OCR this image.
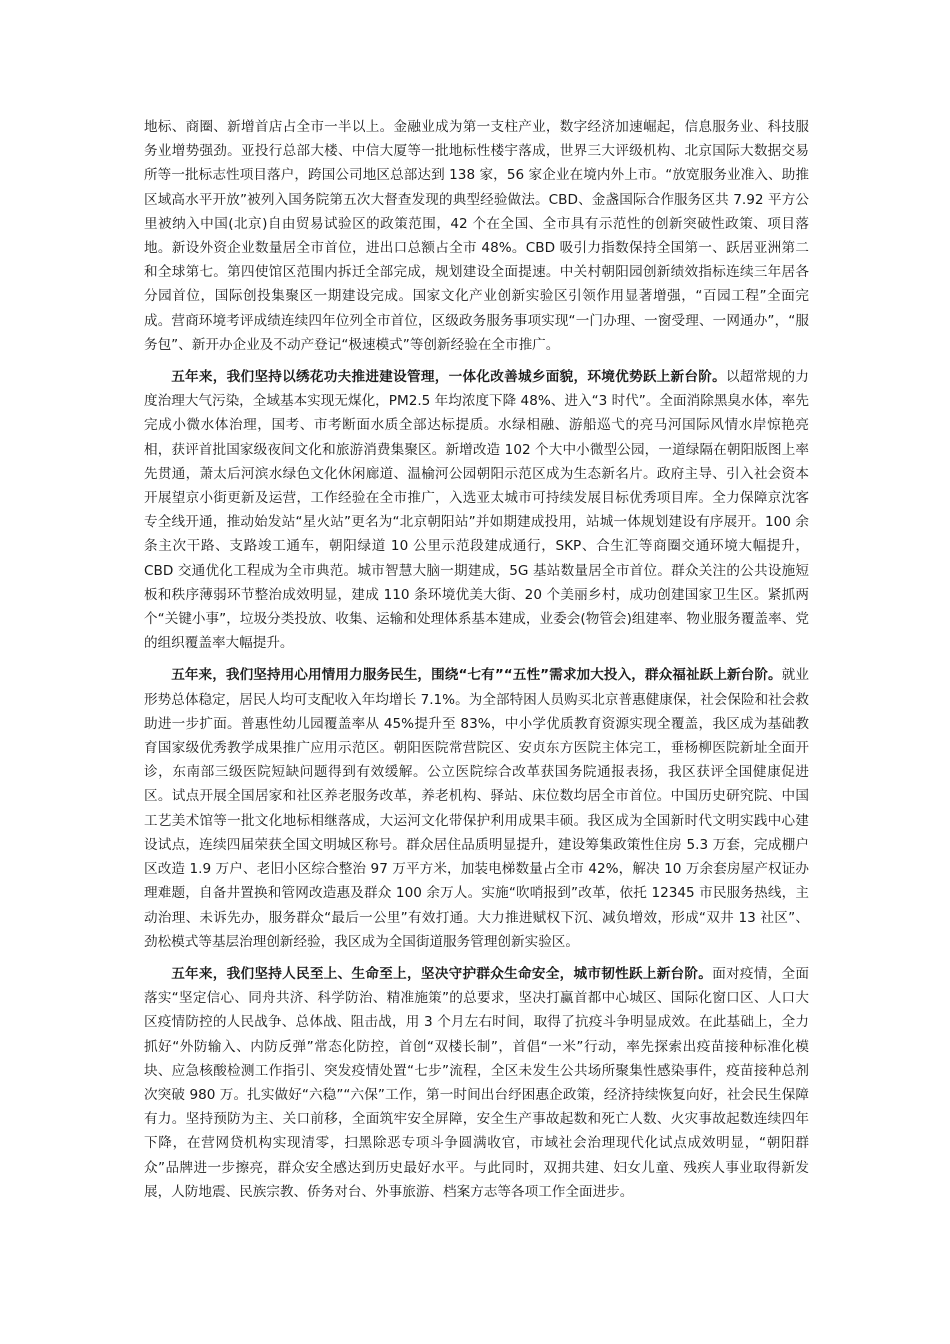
地标、商圈、新增首店占全市一半以上。金融业成为第一支柱产业，数字经济加速崛起，信息服务业、科技服务业增势强劲。亚投行总部大楼、中信大厦等一批地标性楼宇落成，世界三大评级机构、北京国际大数据交易所等一批标志性项目落户，跨国公司地区总部达到 138 家，56 家企业在境内外上市。“放宽服务业准入、助推区域高水平开放”被列入国务院第五次大督查发现的典型经验做法。CBD、金盏国际合作服务区共 7.92 平方公里被纳入中国(北京)自由贸易试验区的政策范围，42 个在全国、全市具有示范性的创新突破性政策、项目落地。新设外资企业数量居全市首位，进出口总额占全市 48%。CBD 吸引力指数保持全国第一、跃居亚洲第二和全球第七。第四使馆区范围内拆迁全部完成，规划建设全面提速。中关村朝阳园创新绩效指标连续三年居各分园首位，国际创投集聚区一期建设完成。国家文化产业创新实验区引领作用显著增强，“百园工程”全面完成。营商环境考评成绩连续四年位列全市首位，区级政务服务事项实现“一门办理、一窗受理、一网通办”，“服务包”、新开办企业及不动产登记“极速模式”等创新经验在全市推广。

五年来，我们坚持以绣花功夫推进建设管理，一体化改善城乡面貌，环境优势跃上新台阶。以超常规的力度治理大气污染，全域基本实现无煤化，PM2.5 年均浓度下降 48%、进入“3 时代”。全面消除黑臭水体，率先完成小微水体治理，国考、市考断面水质全部达标提质。水绿相融、游船巡弋的亮马河国际风情水岸惊艳亮相，获评首批国家级夜间文化和旅游消费集聚区。新增改造 102 个大中小微型公园，一道绿隔在朝阳版图上率先贯通，萧太后河滨水绿色文化休闲廊道、温榆河公园朝阳示范区成为生态新名片。政府主导、引入社会资本开展望京小街更新及运营，工作经验在全市推广，入选亚太城市可持续发展目标优秀项目库。全力保障京沈客专全线开通，推动始发站“星火站”更名为“北京朝阳站”并如期建成投用，站城一体规划建设有序展开。100 余条主次干路、支路竣工通车，朝阳绿道 10 公里示范段建成通行，SKP、合生汇等商圈交通环境大幅提升，CBD 交通优化工程成为全市典范。城市智慧大脑一期建成，5G 基站数量居全市首位。群众关注的公共设施短板和秩序薄弱环节整治成效明显，建成 110 条环境优美大街、20 个美丽乡村，成功创建国家卫生区。紧抓两个“关键小事”，垃圾分类投放、收集、运输和处理体系基本建成，业委会(物管会)组建率、物业服务覆盖率、党的组织覆盖率大幅提升。

五年来，我们坚持用心用情用力服务民生，围绕“七有”“五性”需求加大投入，群众福祉跃上新台阶。就业形势总体稳定，居民人均可支配收入年均增长 7.1%。为全部特困人员购买北京普惠健康保，社会保险和社会救助进一步扩面。普惠性幼儿园覆盖率从 45%提升至 83%，中小学优质教育资源实现全覆盖，我区成为基础教育国家级优秀教学成果推广应用示范区。朝阳医院常营院区、安贞东方医院主体完工，垂杨柳医院新址全面开诊，东南部三级医院短缺问题得到有效缓解。公立医院综合改革获国务院通报表扬，我区获评全国健康促进区。试点开展全国居家和社区养老服务改革，养老机构、驿站、床位数均居全市首位。中国历史研究院、中国工艺美术馆等一批文化地标相继落成，大运河文化带保护利用成果丰硕。我区成为全国新时代文明实践中心建设试点，连续四届荣获全国文明城区称号。群众居住品质明显提升，建设筹集政策性住房 5.3 万套，完成棚户区改造 1.9 万户、老旧小区综合整治 97 万平方米，加装电梯数量占全市 42%，解决 10 万余套房屋产权证办理难题，自备井置换和管网改造惠及群众 100 余万人。实施“吹哨报到”改革，依托 12345 市民服务热线，主动治理、未诉先办，服务群众“最后一公里”有效打通。大力推进赋权下沉、减负增效，形成“双井 13 社区”、劲松模式等基层治理创新经验，我区成为全国街道服务管理创新实验区。

五年来，我们坚持人民至上、生命至上，坚决守护群众生命安全，城市韧性跃上新台阶。面对疫情，全面落实“坚定信心、同舟共济、科学防治、精准施策”的总要求，坚决打赢首都中心城区、国际化窗口区、人口大区疫情防控的人民战争、总体战、阻击战，用 3 个月左右时间，取得了抗疫斗争明显成效。在此基础上，全力抓好“外防输入、内防反弹”常态化防控，首创“双楼长制”，首倡“一米”行动，率先探索出疫苗接种标准化模块、应急核酸检测工作指引、突发疫情处置“七步”流程，全区未发生公共场所聚集性感染事件，疫苗接种总剂次突破 980 万。扎实做好“六稳”“六保”工作，第一时间出台纾困惠企政策，经济持续恢复向好，社会民生保障有力。坚持预防为主、关口前移，全面筑牢安全屏障，安全生产事故起数和死亡人数、火灾事故起数连续四年下降，在营网贷机构实现清零，扫黑除恶专项斗争圆满收官，市域社会治理现代化试点成效明显，“朝阳群众”品牌进一步擦亮，群众安全感达到历史最好水平。与此同时，双拥共建、妇女儿童、残疾人事业取得新发展，人防地震、民族宗教、侨务对台、外事旅游、档案方志等各项工作全面进步。
